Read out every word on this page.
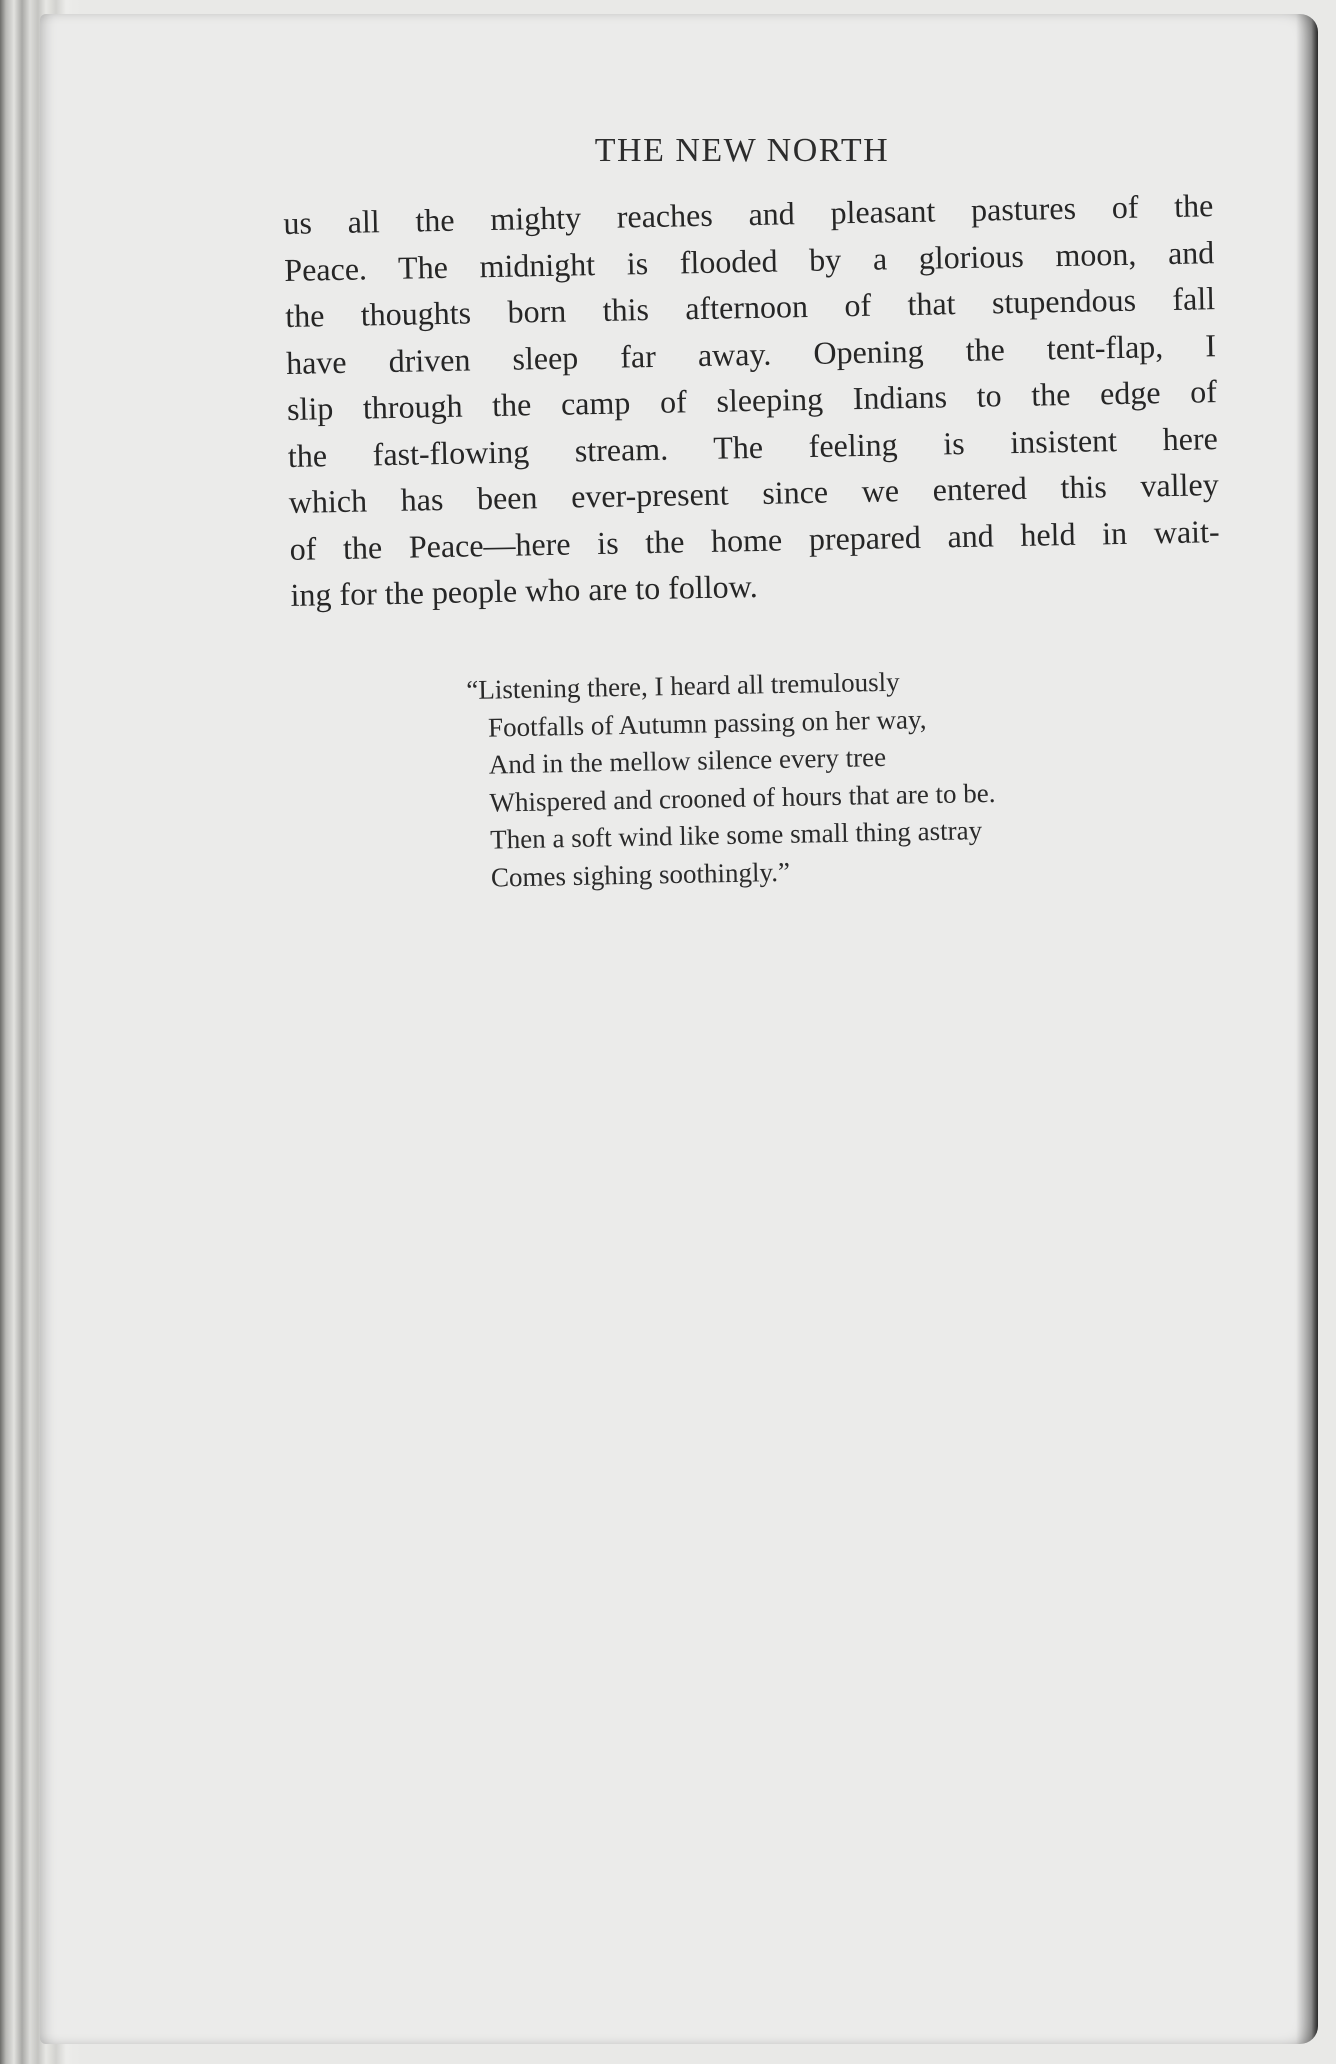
THE NEW NORTH
us all the mighty reaches and pleasant pastures of the
Peace. The midnight is flooded by a glorious moon, and
the thoughts born this afternoon of that stupendous fall
have driven sleep far away. Opening the tent-flap, I
slip through the camp of sleeping Indians to the edge of
the fast-flowing stream. The feeling is insistent here
which has been ever-present since we entered this valley
of the Peace—here is the home prepared and held in wait-
ing for the people who are to follow.
“Listening there, I heard all tremulously
Footfalls of Autumn passing on her way,
And in the mellow silence every tree
Whispered and crooned of hours that are to be.
Then a soft wind like some small thing astray
Comes sighing soothingly.”
